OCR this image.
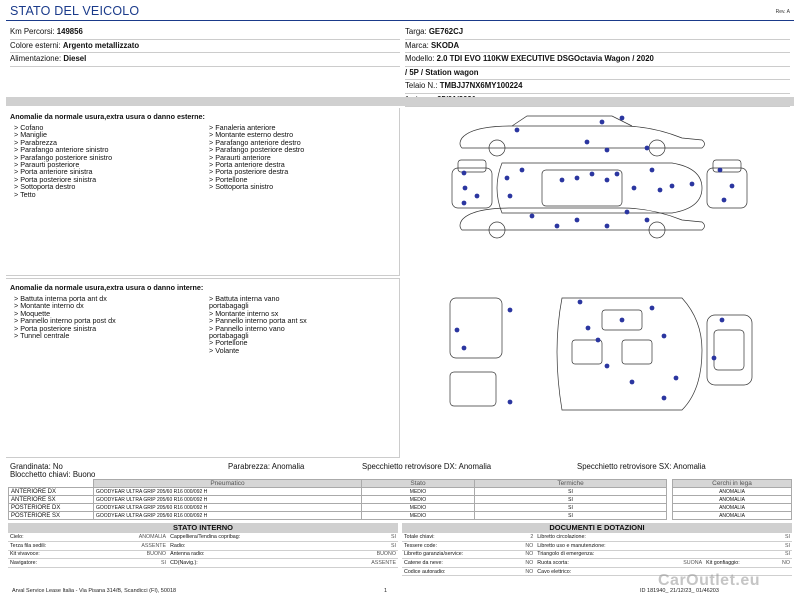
STATO DEL VEICOLO	Rev. A
Km Percorsi: 149856
Colore esterni: Argento metallizzato
Alimentazione: Diesel
Targa: GE762CJ
Marca: SKODA
Modello: 2.0 TDI EVO 110KW EXECUTIVE DSGOctavia Wagon / 2020
/ 5P / Station wagon
Telaio N.: TMBJJ7NX6MY100224
Anomalie da normale usura,extra usura o danno esterne:
> Cofano
> Maniglie
> Parabrezza
> Parafango anteriore sinistro
> Parafango posteriore sinistro
> Paraurti posteriore
> Porta anteriore sinistra
> Porta posteriore sinistra
> Sottoporta destro
> Tetto
> Fanaleria anteriore
> Montante esterno destro
> Parafango anteriore destro
> Parafango posteriore destro
> Paraurti anteriore
> Porta anteriore destra
> Porta posteriore destra
> Portellone
> Sottoporta sinistro
Anomalie da normale usura,extra usura o danno interne:
> Battuta interna porta ant dx
> Montante interno dx
> Moquette
> Pannello interno porta post dx
> Porta posteriore sinistra
> Tunnel centrale
> Battuta interna vano
portabagagli
> Montante interno sx
> Pannello interno porta ant sx
> Pannello interno vano
portabagagli
> Portellone
> Volante
Grandinata: No
Blocchetto chiavi: Buono
Parabrezza: Anomalia	Specchietto retrovisore DX: Anomalia	Specchietto retrovisore SX: Anomalia
	Pneumatico	Stato	Termiche		Cerchi in lega
ANTERIORE DX	GOODYEAR ULTRA GRIP 205/60 R16 000/092 H	MEDIO	SI		ANOMALIA
ANTERIORE SX	GOODYEAR ULTRA GRIP 205/60 R16 000/092 H	MEDIO	SI		ANOMALIA
POSTERIORE DX	GOODYEAR ULTRA GRIP 205/60 R16 000/092 H	MEDIO	SI		ANOMALIA
POSTERIORE SX	GOODYEAR ULTRA GRIP 205/60 R16 000/092 H	MEDIO	SI		ANOMALIA
STATO INTERNO
Cielo:	ANOMALIA	Cappelliera/Tendina copribag:	SI
Terza fila sedili:	ASSENTE	Radio:	SI
Kit vivavoce:	BUONO	Antenna radio:	BUONO
Navigatore:	SI	CD(Navig.):	ASSENTE
DOCUMENTI E DOTAZIONI
Totale chiavi:	2	Libretto circolazione:	SI		
Tessere code:	NO	Libretto uso e manutenzione:	SI		
Libretto garanzia/service:	NO	Triangolo di emergenza:	SI		
Catene da neve:	NO	Ruota scorta:	SUONA	Kit gonfiaggio:	NO
Codice autoradio:	NO	Cavo elettrico:			
Arval Service Lease Italia - Via Pisana 314/B, Scandicci (FI), 50018	1	ID 181940_ 21/12/23_ 01/46203
CarOutlet.eu
